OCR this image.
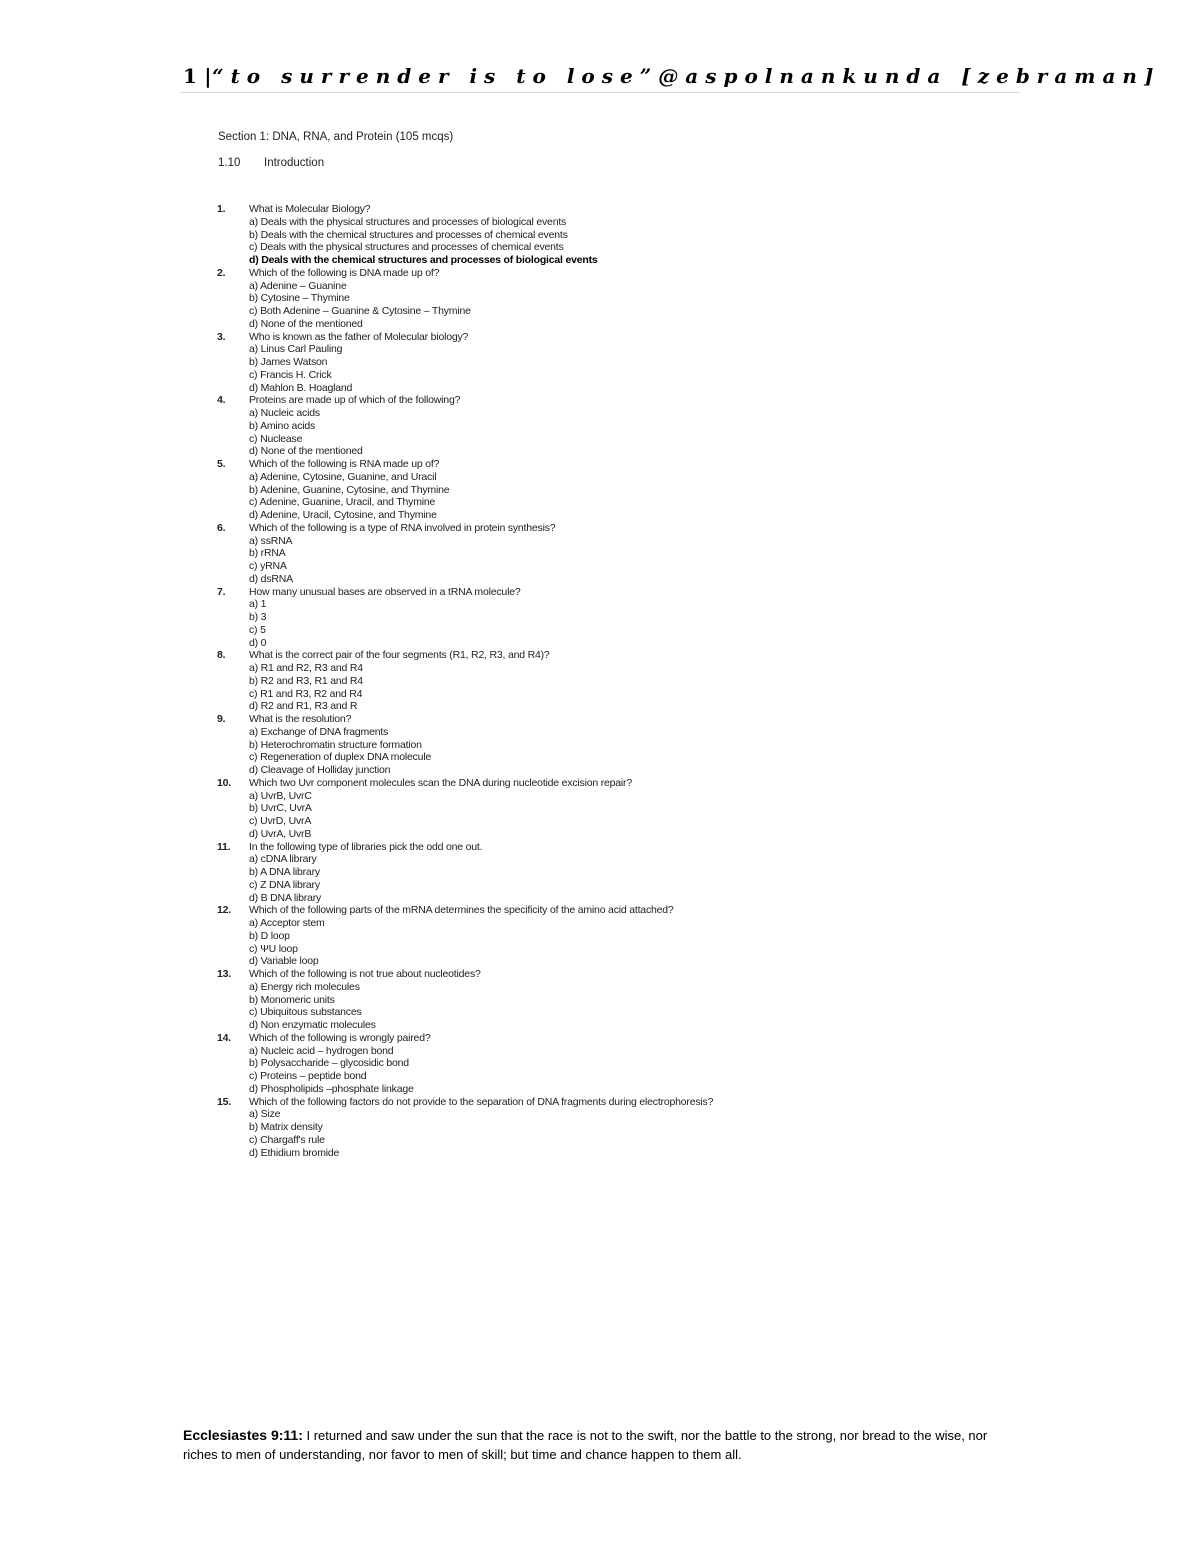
1 |“to surrender is to lose”@aspolnankunda [zebraman]
Section 1: DNA, RNA, and Protein (105 mcqs)
1.10 Introduction
1. What is Molecular Biology?
a) Deals with the physical structures and processes of biological events
b) Deals with the chemical structures and processes of chemical events
c) Deals with the physical structures and processes of chemical events
d) Deals with the chemical structures and processes of biological events
2. Which of the following is DNA made up of?
a) Adenine – Guanine
b) Cytosine – Thymine
c) Both Adenine – Guanine & Cytosine – Thymine
d) None of the mentioned
3. Who is known as the father of Molecular biology?
a) Linus Carl Pauling
b) James Watson
c) Francis H. Crick
d) Mahlon B. Hoagland
4. Proteins are made up of which of the following?
a) Nucleic acids
b) Amino acids
c) Nuclease
d) None of the mentioned
5. Which of the following is RNA made up of?
a) Adenine, Cytosine, Guanine, and Uracil
b) Adenine, Guanine, Cytosine, and Thymine
c) Adenine, Guanine, Uracil, and Thymine
d) Adenine, Uracil, Cytosine, and Thymine
6. Which of the following is a type of RNA involved in protein synthesis?
a) ssRNA
b) rRNA
c) yRNA
d) dsRNA
7. How many unusual bases are observed in a tRNA molecule?
a) 1
b) 3
c) 5
d) 0
8. What is the correct pair of the four segments (R1, R2, R3, and R4)?
a) R1 and R2, R3 and R4
b) R2 and R3, R1 and R4
c) R1 and R3, R2 and R4
d) R2 and R1, R3 and R
9. What is the resolution?
a) Exchange of DNA fragments
b) Heterochromatin structure formation
c) Regeneration of duplex DNA molecule
d) Cleavage of Holliday junction
10. Which two Uvr component molecules scan the DNA during nucleotide excision repair?
a) UvrB, UvrC
b) UvrC, UvrA
c) UvrD, UvrA
d) UvrA, UvrB
11. In the following type of libraries pick the odd one out.
a) cDNA library
b) A DNA library
c) Z DNA library
d) B DNA library
12. Which of the following parts of the mRNA determines the specificity of the amino acid attached?
a) Acceptor stem
b) D loop
c) ΨU loop
d) Variable loop
13. Which of the following is not true about nucleotides?
a) Energy rich molecules
b) Monomeric units
c) Ubiquitous substances
d) Non enzymatic molecules
14. Which of the following is wrongly paired?
a) Nucleic acid – hydrogen bond
b) Polysaccharide – glycosidic bond
c) Proteins – peptide bond
d) Phospholipids –phosphate linkage
15. Which of the following factors do not provide to the separation of DNA fragments during electrophoresis?
a) Size
b) Matrix density
c) Chargaff's rule
d) Ethidium bromide
Ecclesiastes 9:11: I returned and saw under the sun that the race is not to the swift, nor the battle to the strong, nor bread to the wise, nor riches to men of understanding, nor favor to men of skill; but time and chance happen to them all.
